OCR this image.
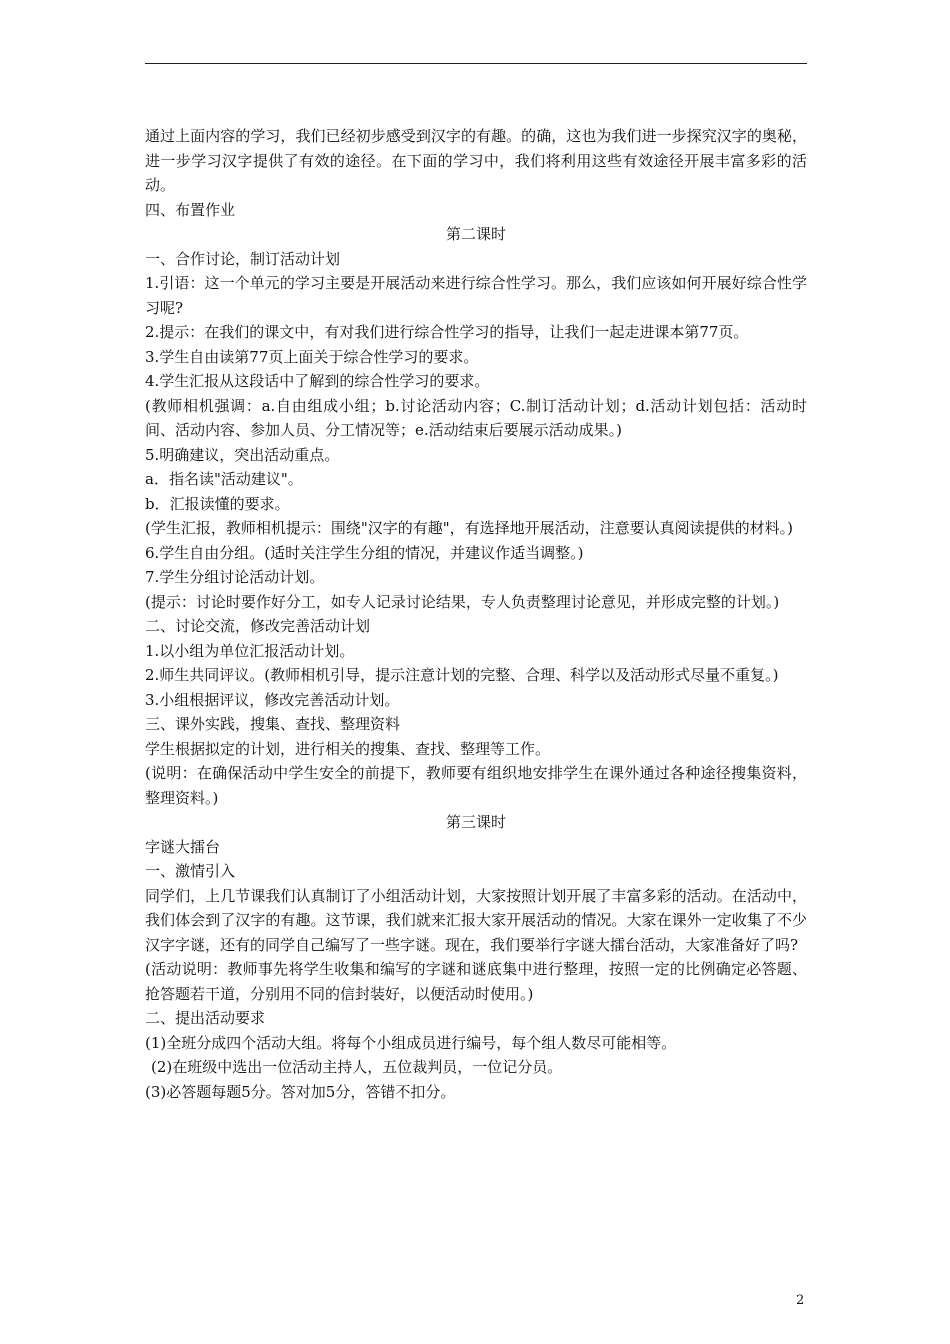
通过上面内容的学习，我们已经初步感受到汉字的有趣。的确，这也为我们进一步探究汉字的奥秘，进一步学习汉字提供了有效的途径。在下面的学习中，我们将利用这些有效途径开展丰富多彩的活动。

四、布置作业

第二课时

一、合作讨论，制订活动计划

1.引语：这一个单元的学习主要是开展活动来进行综合性学习。那么，我们应该如何开展好综合性学习呢?

2.提示：在我们的课文中，有对我们进行综合性学习的指导，让我们一起走进课本第77页。

3.学生自由读第77页上面关于综合性学习的要求。

4.学生汇报从这段话中了解到的综合性学习的要求。

(教师相机强调：a.自由组成小组；b.讨论活动内容；C.制订活动计划；d.活动计划包括：活动时间、活动内容、参加人员、分工情况等；e.活动结束后要展示活动成果。)

5.明确建议，突出活动重点。

a．指名读"活动建议"。

b．汇报读懂的要求。

(学生汇报，教师相机提示：围绕"汉字的有趣"，有选择地开展活动，注意要认真阅读提供的材料。)

6.学生自由分组。(适时关注学生分组的情况，并建议作适当调整。)

7.学生分组讨论活动计划。

(提示：讨论时要作好分工，如专人记录讨论结果，专人负责整理讨论意见，并形成完整的计划。)

二、讨论交流，修改完善活动计划

1.以小组为单位汇报活动计划。

2.师生共同评议。(教师相机引导，提示注意计划的完整、合理、科学以及活动形式尽量不重复。)

3.小组根据评议，修改完善活动计划。

三、课外实践，搜集、查找、整理资料

学生根据拟定的计划，进行相关的搜集、查找、整理等工作。

(说明：在确保活动中学生安全的前提下，教师要有组织地安排学生在课外通过各种途径搜集资料，整理资料。)

第三课时

字谜大擂台

一、激情引入

同学们，上几节课我们认真制订了小组活动计划，大家按照计划开展了丰富多彩的活动。在活动中，我们体会到了汉字的有趣。这节课，我们就来汇报大家开展活动的情况。大家在课外一定收集了不少汉字字谜，还有的同学自己编写了一些字谜。现在，我们要举行字谜大擂台活动，大家准备好了吗?

(活动说明：教师事先将学生收集和编写的字谜和谜底集中进行整理，按照一定的比例确定必答题、抢答题若干道，分别用不同的信封装好，以便活动时使用。)

二、提出活动要求

(1)全班分成四个活动大组。将每个小组成员进行编号，每个组人数尽可能相等。

(2)在班级中选出一位活动主持人，五位裁判员，一位记分员。

(3)必答题每题5分。答对加5分，答错不扣分。

2
